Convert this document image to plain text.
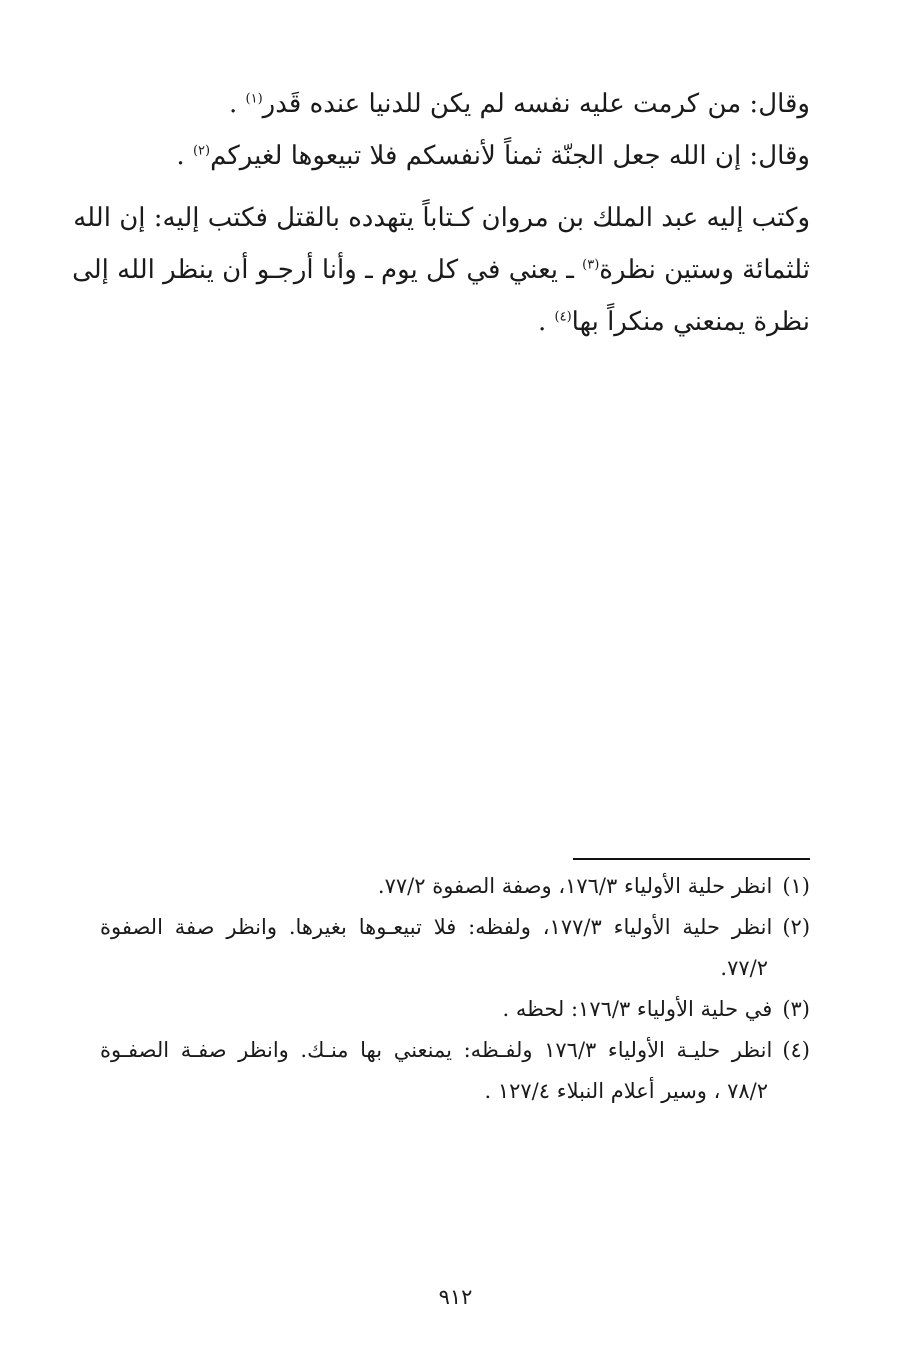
وقال: من كرمت عليه نفسه لم يكن للدنيا عنده قَدر$^{(١)}$ .
وقال: إن الله جعل الجنّة ثمناً لأنفسكم فلا تبيعوها لغيركم$^{(٢)}$ .
وكتب إليه عبد الملك بن مروان كـتاباً يتهدده بالقتل فكتب إليه: إن الله
ثلثمائة وستين نظرة$^{(٣)}$ ـ يعني في كل يوم ـ وأنا أرجـو أن ينظر الله إلى
نظرة يمنعني منكراً بها$^{(٤)}$ .
(١)انظر حلية الأولياء ١٧٦/٣، وصفة الصفوة ٧٧/٢.
(٢)انظر حلية الأولياء ١٧٧/٣، ولفظه: فلا تبيعـوها بغيرها. وانظر صفة الصفوة
٧٧/٢.
(٣)في حلية الأولياء ١٧٦/٣: لحظه .
(٤)انظر حليـة الأولياء ١٧٦/٣ ولفـظه: يمنعني بها منـك. وانظر صفـة الصفـوة
٧٨/٢ ، وسير أعلام النبلاء ١٢٧/٤ .
٩١٢
